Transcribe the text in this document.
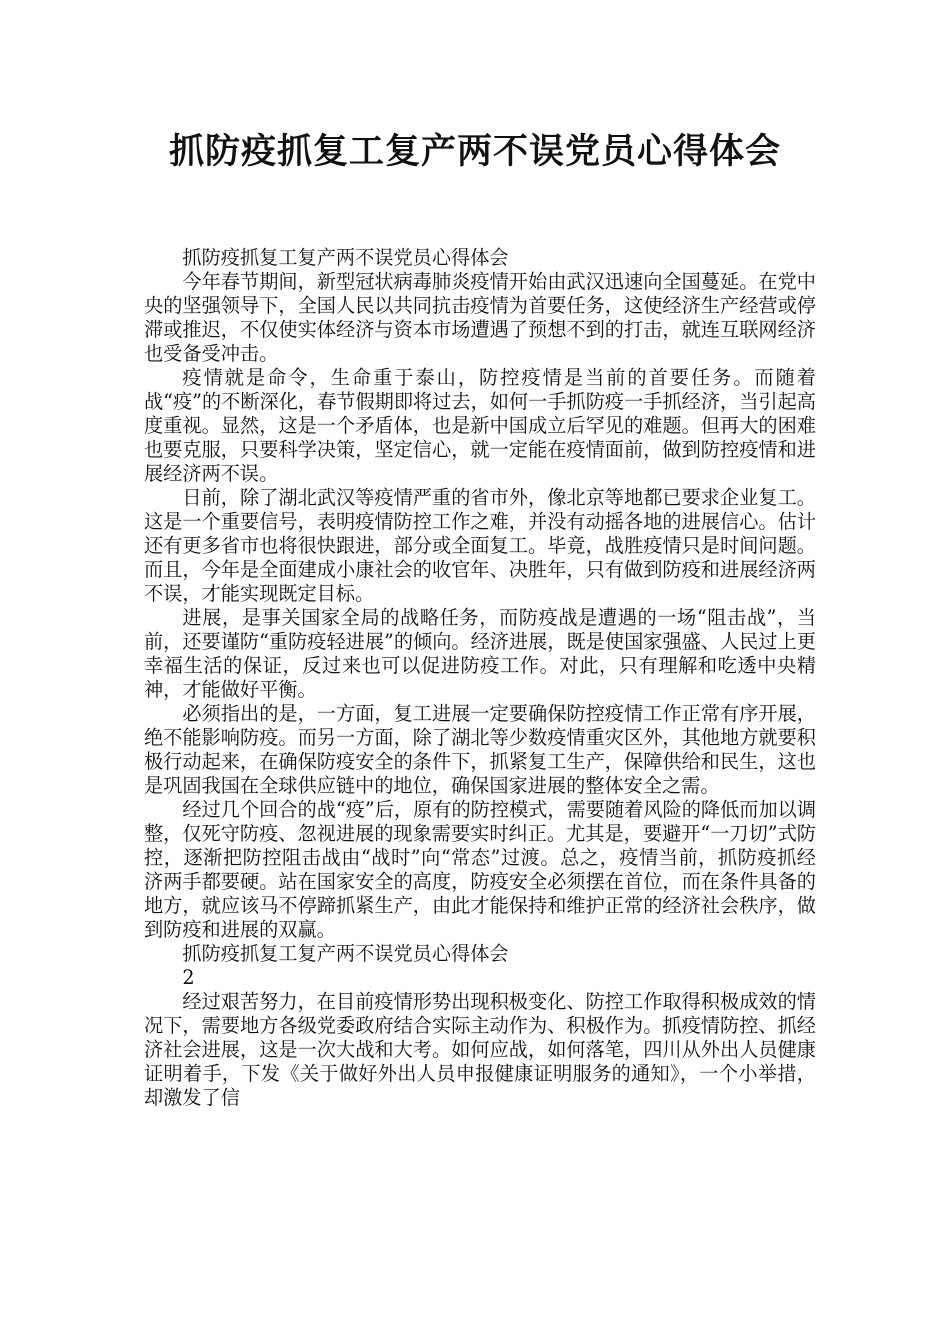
抓防疫抓复工复产两不误党员心得体会

抓防疫抓复工复产两不误党员心得体会

今年春节期间，新型冠状病毒肺炎疫情开始由武汉迅速向全国蔓延。在党中央的坚强领导下，全国人民以共同抗击疫情为首要任务，这使经济生产经营或停滞或推迟，不仅使实体经济与资本市场遭遇了预想不到的打击，就连互联网经济也受备受冲击。

疫情就是命令，生命重于泰山，防控疫情是当前的首要任务。而随着战“疫”的不断深化，春节假期即将过去，如何一手抓防疫一手抓经济，当引起高度重视。显然，这是一个矛盾体，也是新中国成立后罕见的难题。但再大的困难也要克服，只要科学决策，坚定信心，就一定能在疫情面前，做到防控疫情和进展经济两不误。

日前，除了湖北武汉等疫情严重的省市外，像北京等地都已要求企业复工。这是一个重要信号，表明疫情防控工作之难，并没有动摇各地的进展信心。估计还有更多省市也将很快跟进，部分或全面复工。毕竟，战胜疫情只是时间问题。而且，今年是全面建成小康社会的收官年、决胜年，只有做到防疫和进展经济两不误，才能实现既定目标。

进展，是事关国家全局的战略任务，而防疫战是遭遇的一场“阻击战”，当前，还要谨防“重防疫轻进展”的倾向。经济进展，既是使国家强盛、人民过上更幸福生活的保证，反过来也可以促进防疫工作。对此，只有理解和吃透中央精神，才能做好平衡。

必须指出的是，一方面，复工进展一定要确保防控疫情工作正常有序开展，绝不能影响防疫。而另一方面，除了湖北等少数疫情重灾区外，其他地方就要积极行动起来，在确保防疫安全的条件下，抓紧复工生产，保障供给和民生，这也是巩固我国在全球供应链中的地位，确保国家进展的整体安全之需。

经过几个回合的战“疫”后，原有的防控模式，需要随着风险的降低而加以调整，仅死守防疫、忽视进展的现象需要实时纠正。尤其是，要避开“一刀切”式防控，逐渐把防控阻击战由“战时”向“常态”过渡。总之，疫情当前，抓防疫抓经济两手都要硬。站在国家安全的高度，防疫安全必须摆在首位，而在条件具备的地方，就应该马不停蹄抓紧生产，由此才能保持和维护正常的经济社会秩序，做到防疫和进展的双赢。

抓防疫抓复工复产两不误党员心得体会

2

经过艰苦努力，在目前疫情形势出现积极变化、防控工作取得积极成效的情况下，需要地方各级党委政府结合实际主动作为、积极作为。抓疫情防控、抓经济社会进展，这是一次大战和大考。如何应战，如何落笔，四川从外出人员健康证明着手，下发《关于做好外出人员申报健康证明服务的通知》，一个小举措，却激发了信
